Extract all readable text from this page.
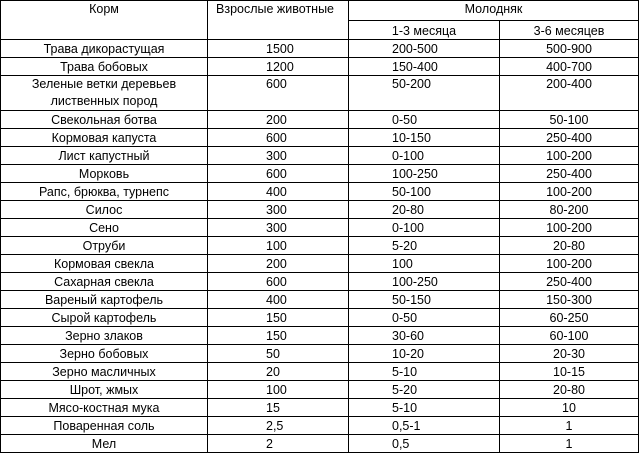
Корм	Взрослые животные	Молодняк	
		1-3 месяца	3-6 месяцев
Трава дикорастущая	1500	200-500	500-900
Трава бобовых	1200	150-400	400-700
Зеленые ветки деревьев лиственных пород	600	50-200	200-400
Свекольная ботва	200	0-50	50-100
Кормовая капуста	600	10-150	250-400
Лист капустный	300	0-100	100-200
Морковь	600	100-250	250-400
Рапс, брюква, турнепс	400	50-100	100-200
Силос	300	20-80	80-200
Сено	300	0-100	100-200
Отруби	100	5-20	20-80
Кормовая свекла	200	100	100-200
Сахарная свекла	600	100-250	250-400
Вареный картофель	400	50-150	150-300
Сырой картофель	150	0-50	60-250
Зерно злаков	150	30-60	60-100
Зерно бобовых	50	10-20	20-30
Зерно масличных	20	5-10	10-15
Шрот, жмых	100	5-20	20-80
Мясо-костная мука	15	5-10	10
Поваренная соль	2,5	0,5-1	1
Мел	2	0,5	1
